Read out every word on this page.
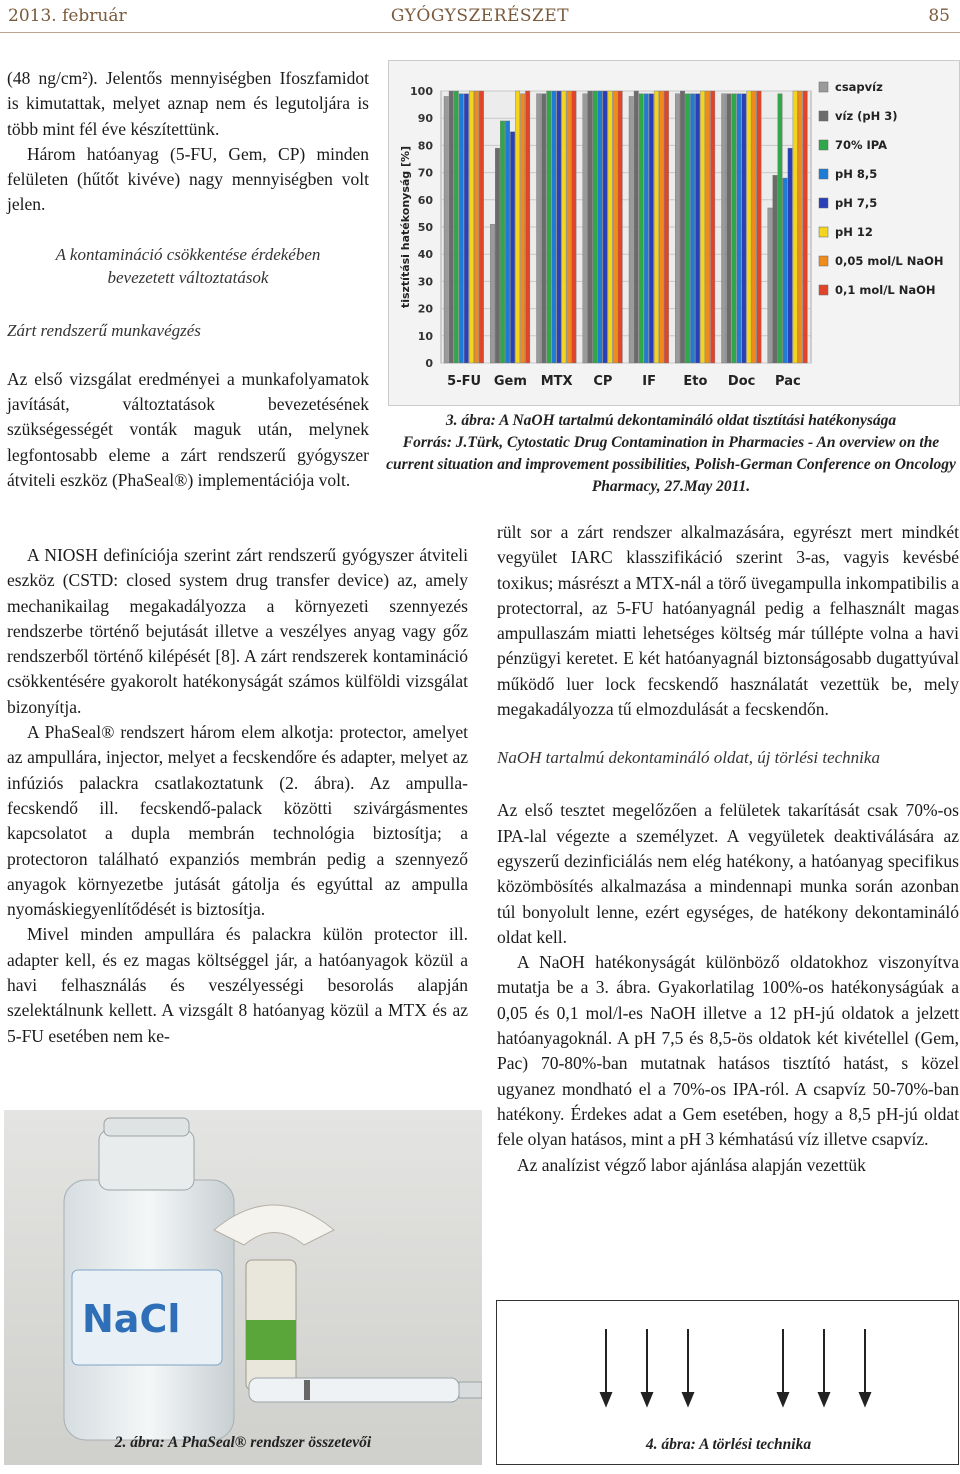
2013. február	GYÓGYSZERÉSZET	85

(48 ng/cm²). Jelentős mennyiségben Ifoszfamidot is kimutattak, melyet aznap nem és legutoljára is több mint fél éve készítettünk.

Három hatóanyag (5-FU, Gem, CP) minden felületen (hűtőt kivéve) nagy mennyiségben volt jelen.

A kontamináció csökkentése érdekében bevezetett változtatások

Zárt rendszerű munkavégzés

Az első vizsgálat eredményei a munkafolyamatok javítását, változtatások bevezetésének szükségességét vonták maguk után, melynek legfontosabb eleme a zárt rendszerű gyógyszer átviteli eszköz (PhaSeal®) implementációja volt.

A NIOSH definíciója szerint zárt rendszerű gyógyszer átviteli eszköz (CSTD: closed system drug transfer device) az, amely mechanikailag megakadályozza a környezeti szennyezés rendszerbe történő bejutását illetve a veszélyes anyag vagy gőz rendszerből történő kilépését [8]. A zárt rendszerek kontamináció csökkentésére gyakorolt hatékonyságát számos külföldi vizsgálat bizonyítja.

A PhaSeal® rendszert három elem alkotja: protector, amelyet az ampullára, injector, melyet a fecskendőre és adapter, melyet az infúziós palackra csatlakoztatunk (2. ábra). Az ampulla-fecskendő ill. fecskendő-palack közötti szivárgásmentes kapcsolatot a dupla membrán technológia biztosítja; a protectoron található expanziós membrán pedig a szennyező anyagok környezetbe jutását gátolja és egyúttal az ampulla nyomáskiegyenlítődését is biztosítja.

Mivel minden ampullára és palackra külön protector ill. adapter kell, és ez magas költséggel jár, a hatóanyagok közül a havi felhasználás és veszélyességi besorolás alapján szelektálnunk kellett. A vizsgált 8 hatóanyag közül a MTX és az 5-FU esetében nem ke-

0
10
20
30
40
50
60
70
80
90
100
tisztítási hatékonyság [%]
5-FU Gem MTX CP IF Eto Doc Pac
csapvíz
víz (pH 3)
70% IPA
pH 8,5
pH 7,5
pH 12
0,05 mol/L NaOH
0,1 mol/L NaOH

3. ábra: A NaOH tartalmú dekontamináló oldat tisztítási hatékonysága

Forrás: J.Türk, Cytostatic Drug Contamination in Pharmacies - An overview on the current situation and improvement possibilities, Polish-German Conference on Oncology Pharmacy, 27.May 2011.

rült sor a zárt rendszer alkalmazására, egyrészt mert mindkét vegyület IARC klasszifikáció szerint 3-as, vagyis kevésbé toxikus; másrészt a MTX-nál a törő üvegampulla inkompatibilis a protectorral, az 5-FU hatóanyagnál pedig a felhasznált magas ampullaszám miatti lehetséges költség már túllépte volna a havi pénzügyi keretet. E két hatóanyagnál biztonságosabb dugattyúval működő luer lock fecskendő használatát vezettük be, mely megakadályozza tű elmozdulását a fecskendőn.

NaOH tartalmú dekontamináló oldat, új törlési technika

Az első tesztet megelőzően a felületek takarítását csak 70%-os IPA-lal végezte a személyzet. A vegyületek deaktiválására az egyszerű dezinficiálás nem elég hatékony, a hatóanyag specifikus közömbösítés alkalmazása a mindennapi munka során azonban túl bonyolult lenne, ezért egységes, de hatékony dekontamináló oldat kell.

A NaOH hatékonyságát különböző oldatokhoz viszonyítva mutatja be a 3. ábra. Gyakorlatilag 100%-os hatékonyságúak a 0,05 és 0,1 mol/l-es NaOH illetve a 12 pH-jú oldatok a jelzett hatóanyagoknál. A pH 7,5 és 8,5-ös oldatok két kivétellel (Gem, Pac) 70-80%-ban mutatnak hatásos tisztító hatást, s közel ugyanez mondható el a 70%-os IPA-ról. A csapvíz 50-70%-ban hatékony. Érdekes adat a Gem esetében, hogy a 8,5 pH-jú oldat fele olyan hatásos, mint a pH 3 kémhatású víz illetve csapvíz.

Az analízist végző labor ajánlása alapján vezettük

NaCl
2. ábra: A PhaSeal® rendszer összetevői	4. ábra: A törlési technika
